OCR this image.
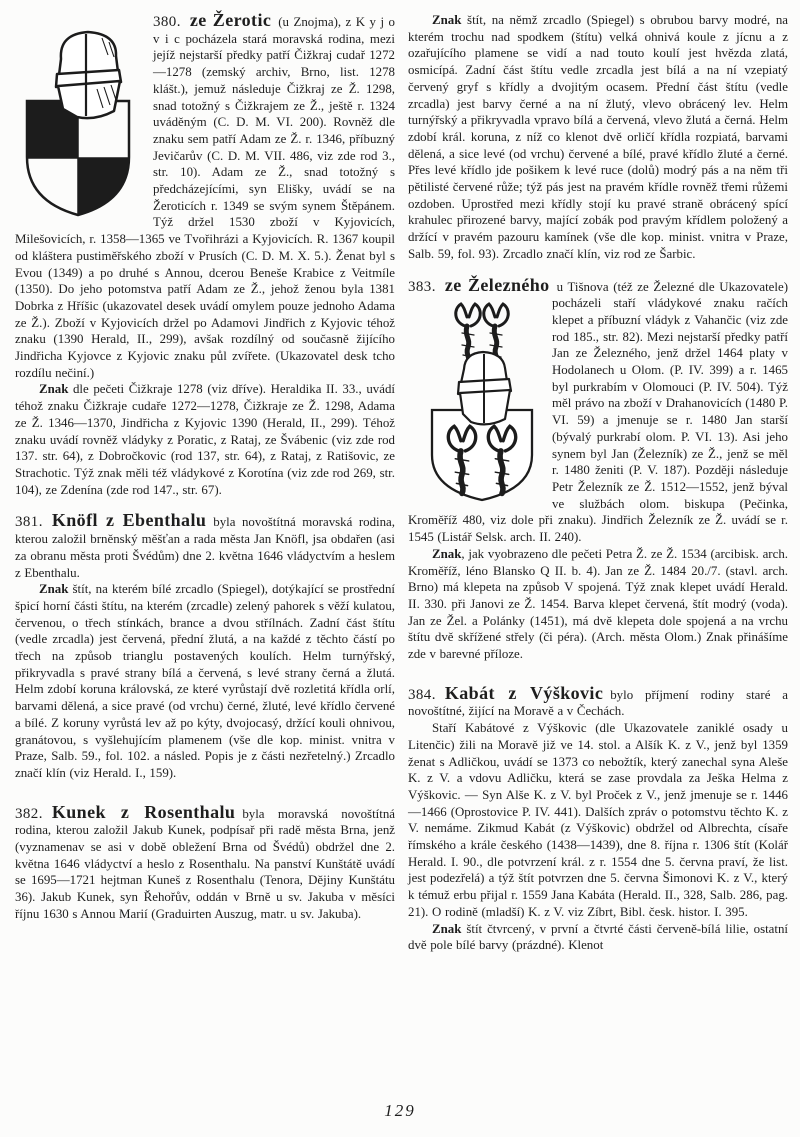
380. ze Žerotic (u Znojma), z K y j o v i c pocházela stará moravská rodina, mezi jejíž nejstarší předky patří Čižkraj cudař 1272—1278 (zemský archiv, Brno, list. 1278 klášt.), jemuž následuje Čižkraj ze Ž. 1298, snad totožný s Čižkrajem ze Ž., ještě r. 1324 uváděným (C. D. M. VI. 200). Rovněž dle znaku sem patří Adam ze Ž. r. 1346, příbuzný Jevičarův (C. D. M. VII. 486, viz zde rod 3., str. 10). Adam ze Ž., snad totožný s předcházejícími, syn Elišky, uvádí se na Žeroticích r. 1349 se svým synem Štěpánem. Týž držel 1530 zboží v Kyjovicích, Milešovicích, r. 1358—1365 ve Tvořihrázi a Kyjovicích. R. 1367 koupil od kláštera pustiměřského zboží v Prusích (C. D. M. X. 5.). Ženat byl s Evou (1349) a po druhé s Annou, dcerou Beneše Krabice z Veitmíle (1350). Do jeho potomstva patří Adam ze Ž., jehož ženou byla 1381 Dobrka z Hříšic (ukazovatel desek uvádí omylem pouze jednoho Adama ze Ž.). Zboží v Kyjovicích držel po Adamovi Jindřich z Kyjovic téhož znaku (1390 Herald, II., 299), avšak rozdílný od současně žijícího Jindřicha Kyjovce z Kyjovic znaku půl zvířete. (Ukazovatel desk tcho rozdílu nečiní.)

Znak dle pečeti Čižkraje 1278 (viz dříve). Heraldika II. 33., uvádí téhož znaku Čižkraje cudaře 1272—1278, Čižkraje ze Ž. 1298, Adama ze Ž. 1346—1370, Jindřicha z Kyjovic 1390 (Herald, II., 299). Téhož znaku uvádí rovněž vládyky z Poratic, z Rataj, ze Švábenic (viz zde rod 137. str. 64), z Dobročkovic (rod 137, str. 64), z Rataj, z Ratišovic, ze Strachotic. Týž znak měli též vládykové z Korotína (viz zde rod 269, str. 104), ze Zdenína (zde rod 147., str. 67).

381. Knöfl z Ebenthalu byla novoštítná moravská rodina, kterou založil brněnský měšťan a rada města Jan Knöfl, jsa obdařen (asi za obranu města proti Švédům) dne 2. května 1646 vládyctvím a heslem z Ebenthalu.

Znak štít, na kterém bílé zrcadlo (Spiegel), dotýkající se prostřední špicí horní části štítu, na kterém (zrcadle) zelený pahorek s věží kulatou, červenou, o třech stínkách, brance a dvou střílnách. Zadní část štítu (vedle zrcadla) jest červená, přední žlutá, a na každé z těchto částí po třech na způsob trianglu postavených koulích. Helm turnýřský, přikryvadla s pravé strany bílá a červená, s levé strany černá a žlutá. Helm zdobí koruna královská, ze které vyrůstají dvě rozletitá křídla orlí, barvami dělená, a sice pravé (od vrchu) černé, žluté, levé křídlo červené a bílé. Z koruny vyrůstá lev až po kýty, dvojocasý, držící kouli ohnivou, granátovou, s vyšlehujícím plamenem (vše dle kop. minist. vnitra v Praze, Salb. 59., fol. 102. a násled. Popis je z části nezřetelný.) Zrcadlo značí klín (viz Herald. I., 159).

382. Kunek z Rosenthalu byla moravská novoštítná rodina, kterou založil Jakub Kunek, podpísař při radě města Brna, jenž (vyznamenav se asi v době obležení Brna od Švédů) obdržel dne 2. května 1646 vládyctví a heslo z Rosenthalu. Na panství Kunštátě uvádí se 1695—1721 hejtman Kuneš z Rosenthalu (Tenora, Dějiny Kunštátu 36). Jakub Kunek, syn Řehořův, oddán v Brně u sv. Jakuba v měsíci říjnu 1630 s Annou Marií (Graduirten Auszug, matr. u sv. Jakuba).

Znak štít, na němž zrcadlo (Spiegel) s obrubou barvy modré, na kterém trochu nad spodkem (štítu) velká ohnivá koule z jícnu a z ozařujícího plamene se vidí a nad touto koulí jest hvězda zlatá, osmicípá. Zadní část štítu vedle zrcadla jest bílá a na ní vzepiatý červený gryf s křídly a dvojitým ocasem. Přední část štítu (vedle zrcadla) jest barvy černé a na ní žlutý, vlevo obrácený lev. Helm turnýřský a přikryvadla vpravo bílá a červená, vlevo žlutá a černá. Helm zdobí král. koruna, z níž co klenot dvě orličí křídla rozpiatá, barvami dělená, a sice levé (od vrchu) červené a bílé, pravé křídlo žluté a černé. Přes levé křídlo jde pošikem k levé ruce (dolů) modrý pás a na něm tři pětilisté červené růže; týž pás jest na pravém křídle rovněž třemi růžemi ozdoben. Uprostřed mezi křídly stojí ku pravé straně obrácený spící krahulec přirozené barvy, mající zobák pod pravým křídlem položený a držící v pravém pazouru kamínek (vše dle kop. minist. vnitra v Praze, Salb. 59, fol. 93). Zrcadlo značí klín, viz rod ze Šarbic.

383. ze Železného u Tišnova (též ze Železné dle Ukazovatele) pocházeli staří vládykové znaku račích klepet a příbuzní vládyk z Vahančic (viz zde rod 185., str. 82). Mezi nejstarší předky patří Jan ze Železného, jenž držel 1464 platy v Hodolanech u Olom. (P. IV. 399) a r. 1465 byl purkrabím v Olomouci (P. IV. 504). Týž měl právo na zboží v Drahanovicích (1480 P. VI. 59) a jmenuje se r. 1480 Jan starší (bývalý purkrabí olom. P. VI. 13). Asi jeho synem byl Jan (Železník) ze Ž., jenž se měl r. 1480 ženiti (P. V. 187). Později následuje Petr Železník ze Ž. 1512—1552, jenž býval ve službách olom. biskupa (Pečinka, Kroměříž 480, viz dole při znaku). Jindřich Železník ze Ž. uvádí se r. 1545 (Listář Selsk. arch. II. 240).

Znak, jak vyobrazeno dle pečeti Petra Ž. ze Ž. 1534 (arcibisk. arch. Kroměříž, léno Blansko Q II. b. 4). Jan ze Ž. 1484 20./7. (stavl. arch. Brno) má klepeta na způsob V spojená. Týž znak klepet uvádí Herald. II. 330. při Janovi ze Ž. 1454. Barva klepet červená, štít modrý (voda). Jan ze Žel. a Polánky (1451), má dvě klepeta dole spojená a na vrchu štítu dvě skřížené střely (či péra). (Arch. města Olom.) Znak přinášíme zde v barevné příloze.

384. Kabát z Výškovic bylo příjmení rodiny staré a novoštítné, žijící na Moravě a v Čechách.

Staří Kabátové z Výškovic (dle Ukazovatele zaniklé osady u Litenčic) žili na Moravě již ve 14. stol. a Alšík K. z V., jenž byl 1359 ženat s Adličkou, uvádí se 1373 co nebožtík, který zanechal syna Aleše K. z V. a vdovu Adličku, která se zase provdala za Ješka Helma z Výškovic. — Syn Alše K. z V. byl Proček z V., jenž jmenuje se r. 1446—1466 (Oprostovice P. IV. 441). Dalších zpráv o potomstvu těchto K. z V. nemáme. Zikmud Kabát (z Výškovic) obdržel od Albrechta, císaře římského a krále českého (1438—1439), dne 8. října r. 1306 štít (Kolář Herald. I. 90., dle potvrzení král. z r. 1554 dne 5. června praví, že list. jest podezřelá) a týž štít potvrzen dne 5. června Šimonovi K. z V., který k témuž erbu přijal r. 1559 Jana Kabáta (Herald. II., 328, Salb. 286, pag. 21). O rodině (mladší) K. z V. viz Zíbrt, Bibl. česk. histor. I. 395.

Znak štít čtvrcený, v první a čtvrté části červeně-bílá lilie, ostatní dvě pole bílé barvy (prázdné). Klenot

129
